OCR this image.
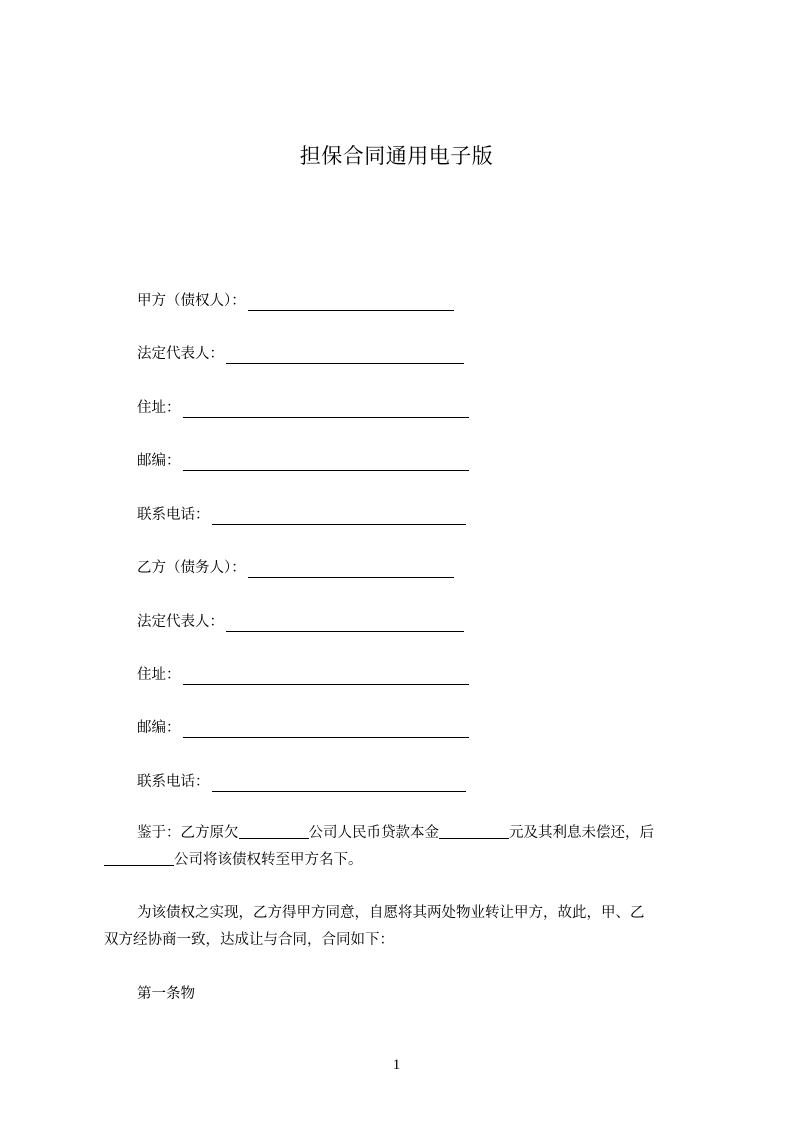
担保合同通用电子版
甲方（债权人）：
法定代表人：
住址：
邮编：
联系电话：
乙方（债务人）：
法定代表人：
住址：
邮编：
联系电话：
鉴于：乙方原欠	公司人民币贷款本金	元及其利息未偿还，后
公司将该债权转至甲方名下。
为该债权之实现，乙方得甲方同意，自愿将其两处物业转让甲方，故此，甲、乙
双方经协商一致，达成让与合同，合同如下：
第一条物
1
